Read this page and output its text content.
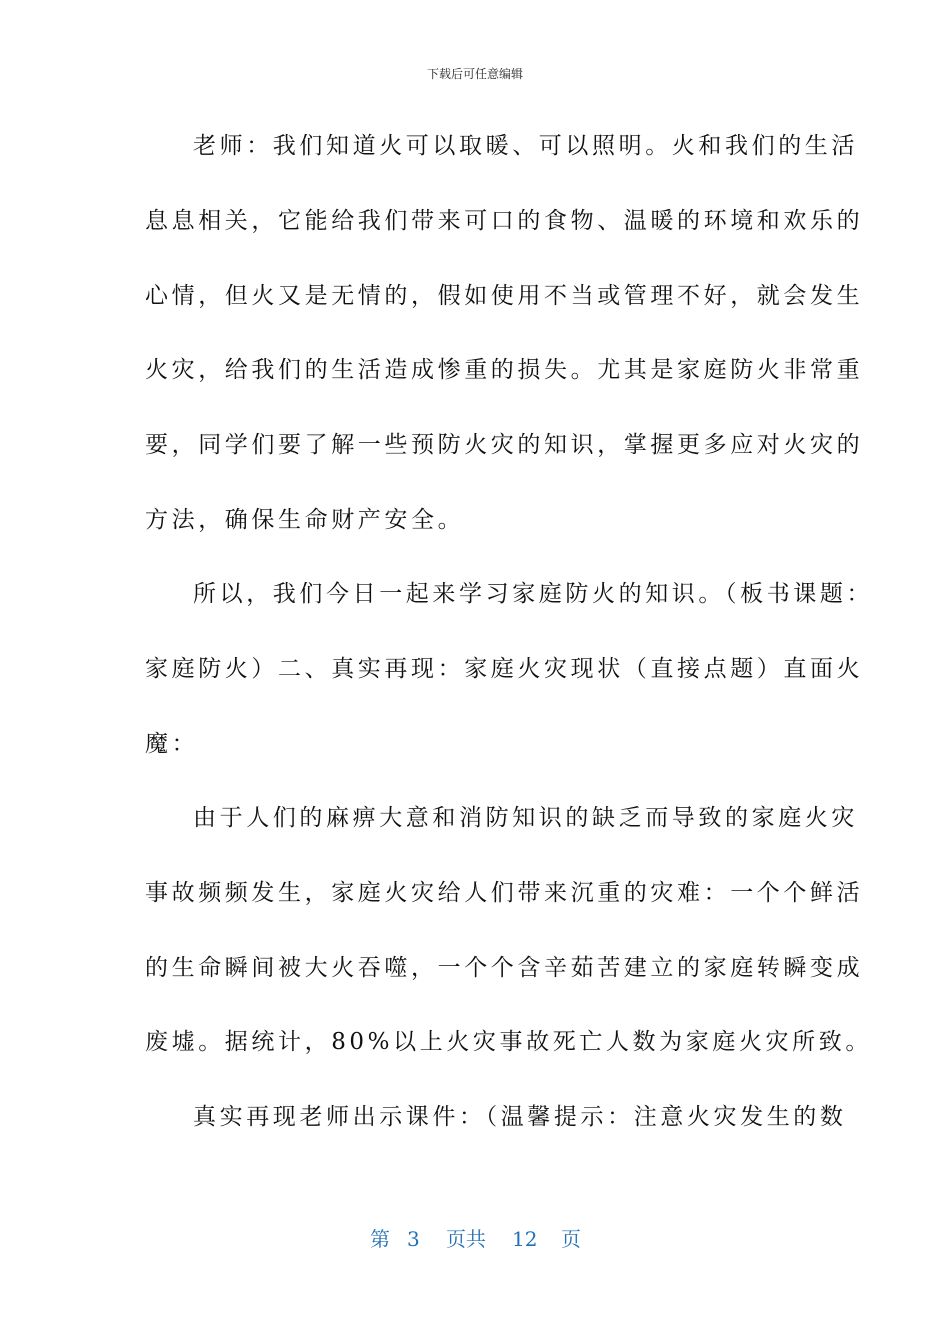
下载后可任意编辑
老师：我们知道火可以取暖、可以照明。火和我们的生活
息息相关，它能给我们带来可口的食物、温暖的环境和欢乐的
心情，但火又是无情的，假如使用不当或管理不好，就会发生
火灾，给我们的生活造成惨重的损失。尤其是家庭防火非常重
要，同学们要了解一些预防火灾的知识，掌握更多应对火灾的
方法，确保生命财产安全。
所以，我们今日一起来学习家庭防火的知识。（板书课题：
家庭防火）二、真实再现：家庭火灾现状（直接点题）直面火
魔：
由于人们的麻痹大意和消防知识的缺乏而导致的家庭火灾
事故频频发生，家庭火灾给人们带来沉重的灾难：一个个鲜活
的生命瞬间被大火吞噬，一个个含辛茹苦建立的家庭转瞬变成
废墟。据统计，80%以上火灾事故死亡人数为家庭火灾所致。
真实再现老师出示课件：（温馨提示：注意火灾发生的数
第 3 页共 12 页
